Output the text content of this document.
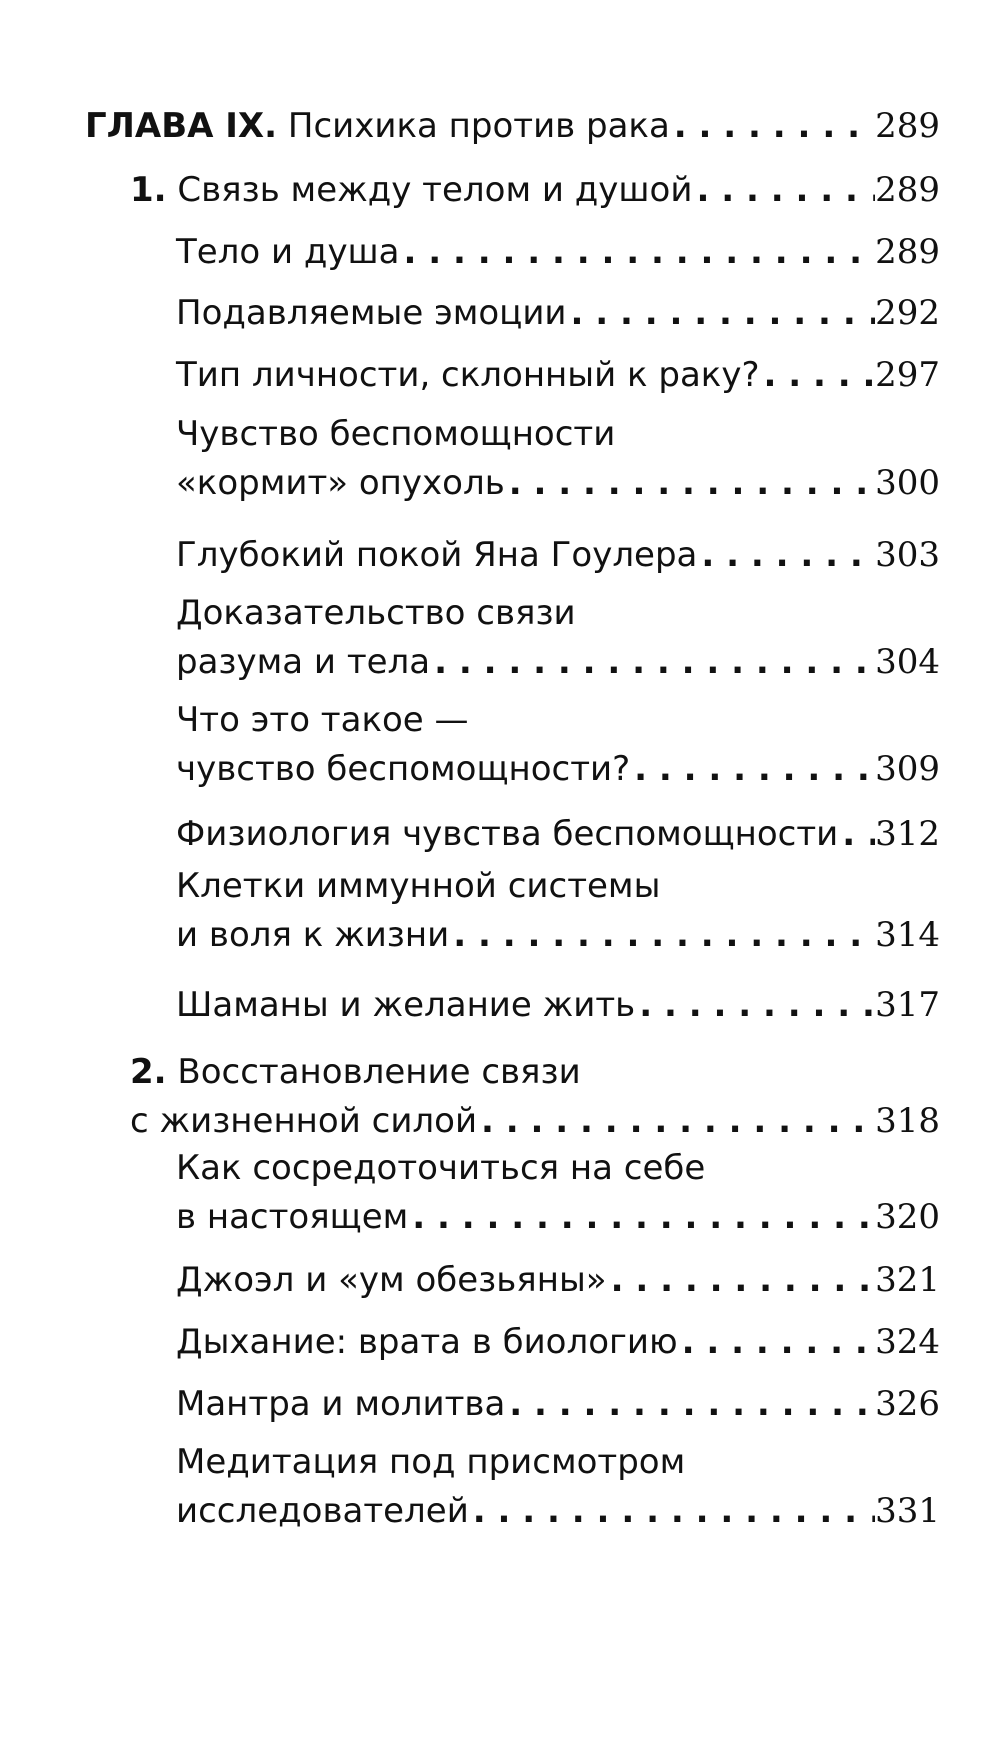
ГЛАВА IX. Психика против рака . . .	289
1. Связь между телом и душой . . .	289
Тело и душа . . .	289
Подавляемые эмоции . . .	292
Тип личности, склонный к раку? . . .	297
Чувство беспомощности
«кормит» опухоль . . .	300
Глубокий покой Яна Гоулера . . .	303
Доказательство связи
разума и тела . . .	304
Что это такое —
чувство беспомощности? . . .	309
Физиология чувства беспомощности . . . 312
Клетки иммунной системы
и воля к жизни . . .	314
Шаманы и желание жить . . .	317
2. Восстановление связи
с жизненной силой . . .	318
Как сосредоточиться на себе
в настоящем . . .	320
Джоэл и «ум обезьяны» . . .	321
Дыхание: врата в биологию . . .	324
Мантра и молитва . . .	326
Медитация под присмотром
исследователей . . .	331
